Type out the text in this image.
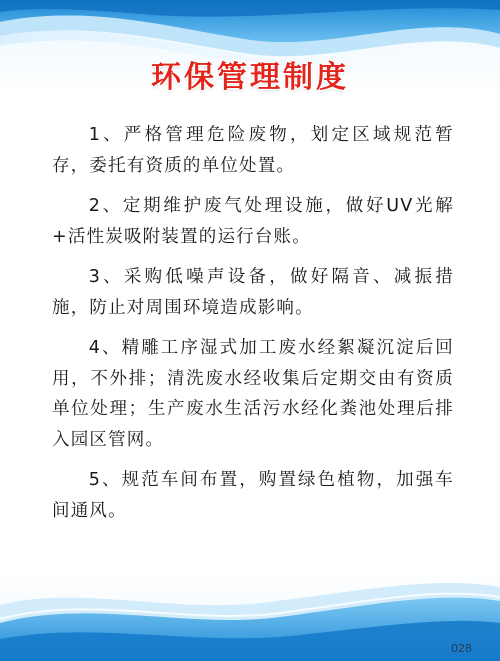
环保管理制度

1、严格管理危险废物，划定区域规范暂存，委托有资质的单位处置。

2、定期维护废气处理设施，做好UV光解+活性炭吸附装置的运行台账。

3、采购低噪声设备，做好隔音、减振措施，防止对周围环境造成影响。

4、精雕工序湿式加工废水经絮凝沉淀后回用，不外排；清洗废水经收集后定期交由有资质单位处理；生产废水生活污水经化粪池处理后排入园区管网。

5、规范车间布置，购置绿色植物，加强车间通风。

028
